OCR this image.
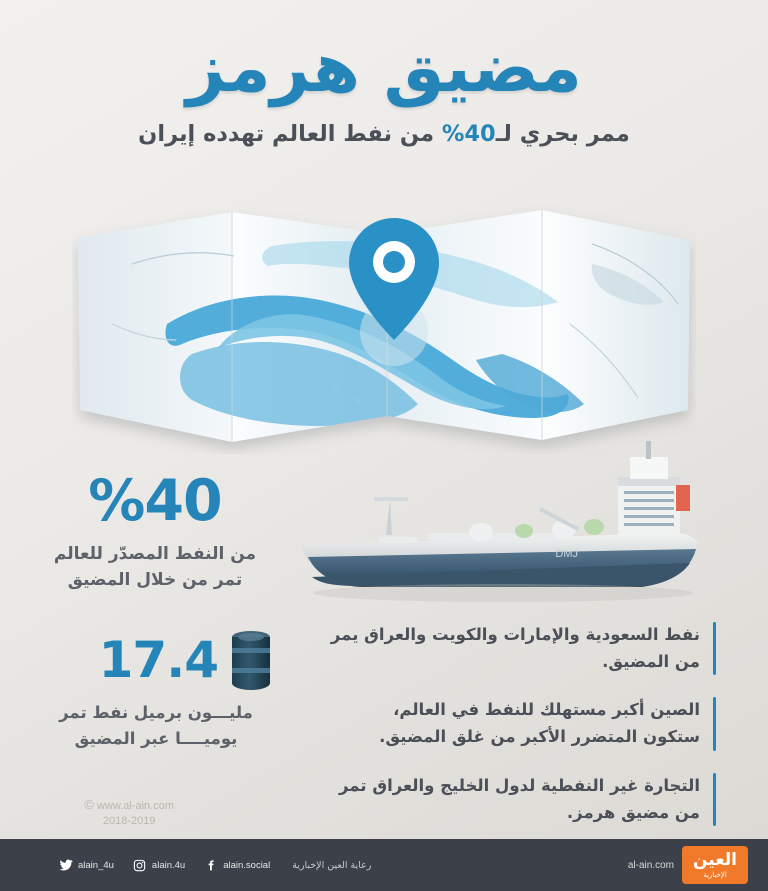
مضيق هرمز
ممر بحري لـ40% من نفط العالم تهدده إيران
DMJ
%40
من النفط المصدّر للعالم
تمر من خلال المضيق
17.4
مليـــون برميل نفط تمر
يوميــــا عبر المضيق
نفط السعودية والإمارات والكويت والعراق يمر
من المضيق.
الصين أكبر مستهلك للنفط في العالم،
ستكون المتضرر الأكبر من غلق المضيق.
التجارة غير النفطية لدول الخليج والعراق تمر
من مضيق هرمز.
© www.al-ain.com
2018-2019
alain_4u	alain.4u	alain.social رعاية العين الإخبارية	al-ain.com العين
الإخبارية
